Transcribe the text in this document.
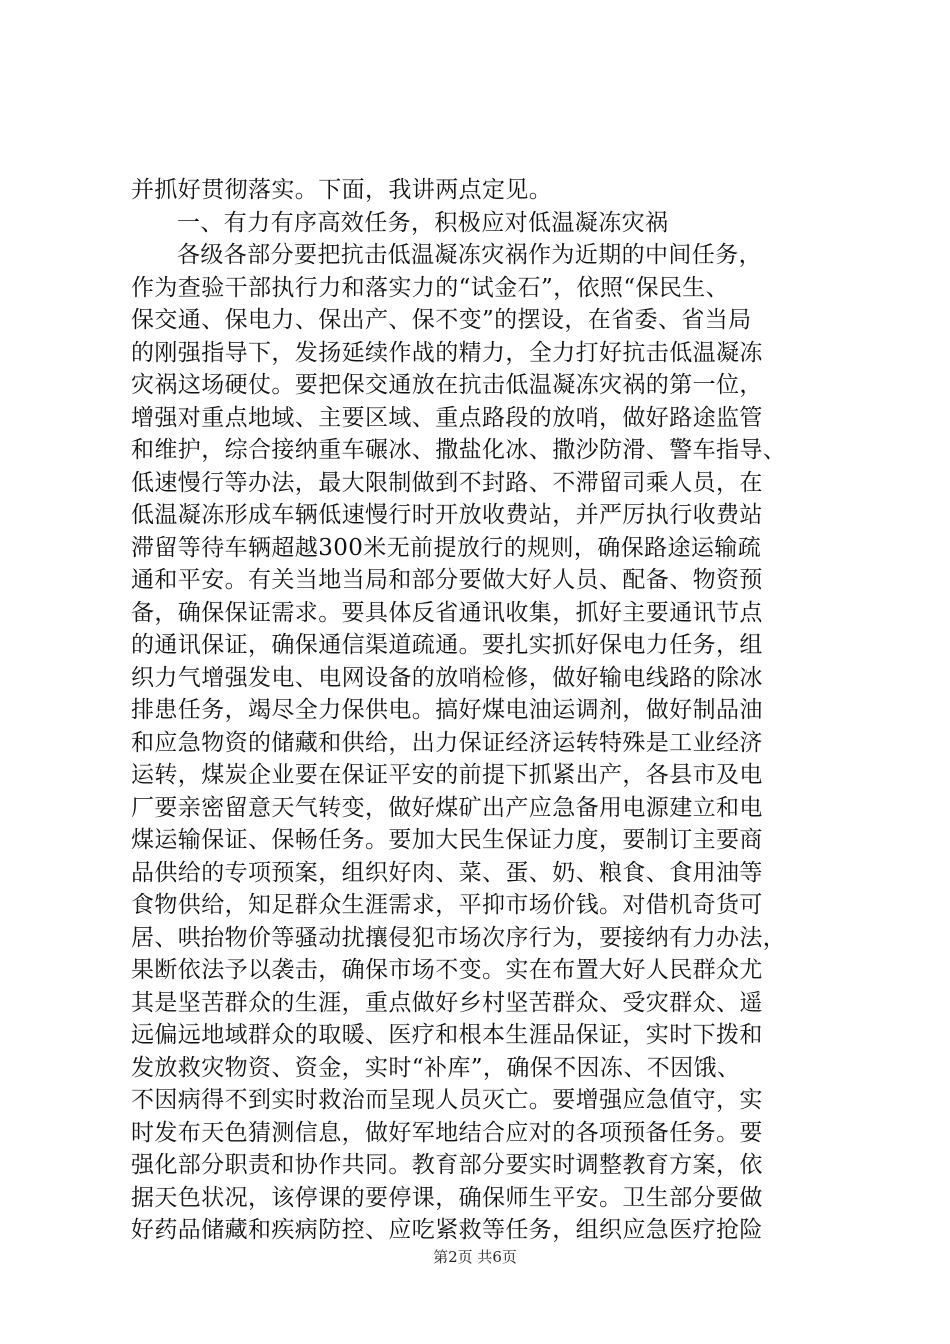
并抓好贯彻落实。下面，我讲两点定见。
一、有力有序高效任务，积极应对低温凝冻灾祸
各级各部分要把抗击低温凝冻灾祸作为近期的中间任务，
作为查验干部执行力和落实力的“试金石”，依照“保民生、
保交通、保电力、保出产、保不变”的摆设，在省委、省当局
的刚强指导下，发扬延续作战的精力，全力打好抗击低温凝冻
灾祸这场硬仗。要把保交通放在抗击低温凝冻灾祸的第一位，
增强对重点地域、主要区域、重点路段的放哨，做好路途监管
和维护，综合接纳重车碾冰、撒盐化冰、撒沙防滑、警车指导、
低速慢行等办法，最大限制做到不封路、不滞留司乘人员，在
低温凝冻形成车辆低速慢行时开放收费站，并严厉执行收费站
滞留等待车辆超越300米无前提放行的规则，确保路途运输疏
通和平安。有关当地当局和部分要做大好人员、配备、物资预
备，确保保证需求。要具体反省通讯收集，抓好主要通讯节点
的通讯保证，确保通信渠道疏通。要扎实抓好保电力任务，组
织力气增强发电、电网设备的放哨检修，做好输电线路的除冰
排患任务，竭尽全力保供电。搞好煤电油运调剂，做好制品油
和应急物资的储藏和供给，出力保证经济运转特殊是工业经济
运转，煤炭企业要在保证平安的前提下抓紧出产，各县市及电
厂要亲密留意天气转变，做好煤矿出产应急备用电源建立和电
煤运输保证、保畅任务。要加大民生保证力度，要制订主要商
品供给的专项预案，组织好肉、菜、蛋、奶、粮食、食用油等
食物供给，知足群众生涯需求，平抑市场价钱。对借机奇货可
居、哄抬物价等骚动扰攘侵犯市场次序行为，要接纳有力办法，
果断依法予以袭击，确保市场不变。实在布置大好人民群众尤
其是坚苦群众的生涯，重点做好乡村坚苦群众、受灾群众、遥
远偏远地域群众的取暖、医疗和根本生涯品保证，实时下拨和
发放救灾物资、资金，实时“补库”，确保不因冻、不因饿、
不因病得不到实时救治而呈现人员灭亡。要增强应急值守，实
时发布天色猜测信息，做好军地结合应对的各项预备任务。要
强化部分职责和协作共同。教育部分要实时调整教育方案，依
据天色状况，该停课的要停课，确保师生平安。卫生部分要做
好药品储藏和疾病防控、应吃紧救等任务，组织应急医疗抢险
第2页 共6页
